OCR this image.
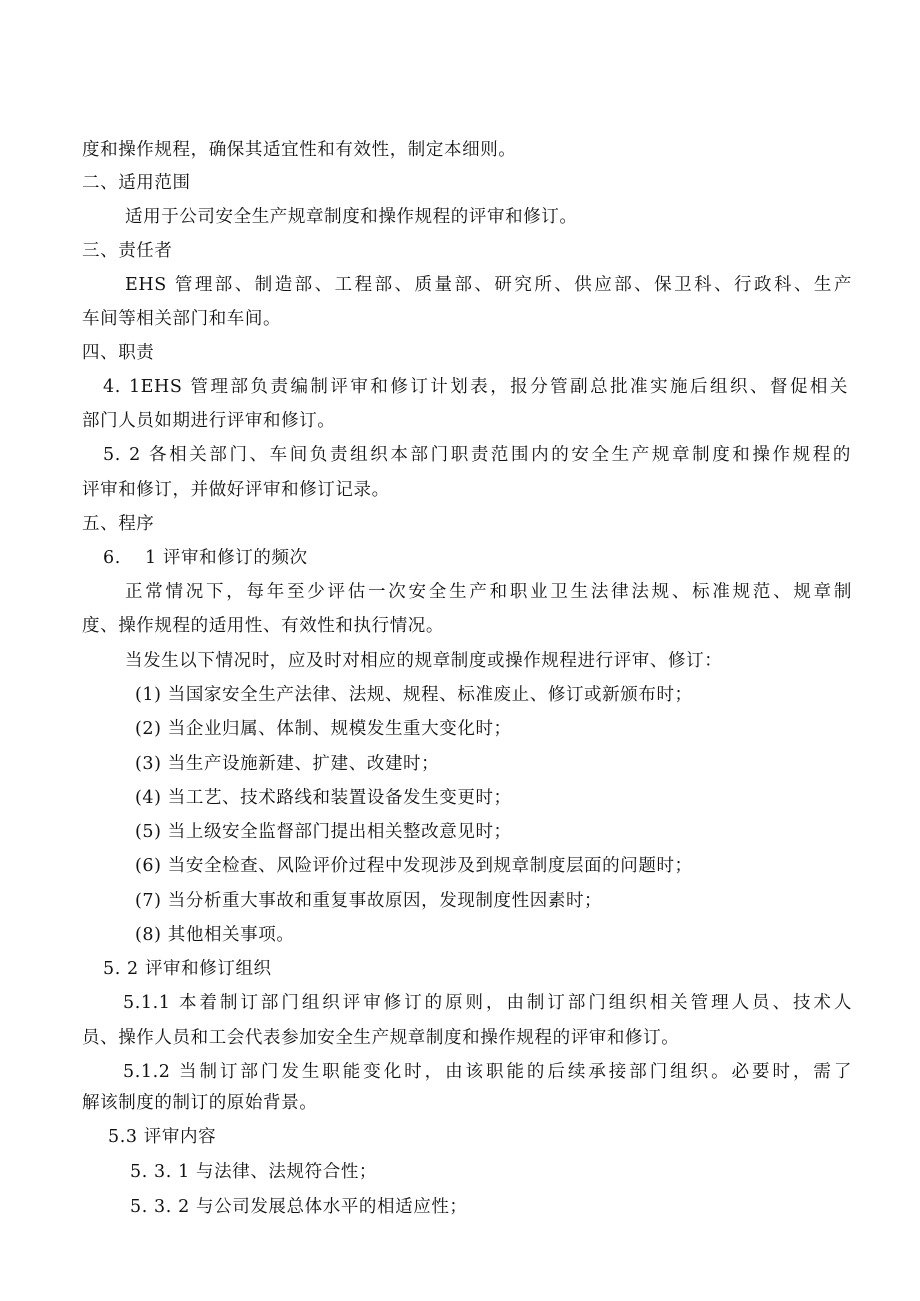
度和操作规程，确保其适宜性和有效性，制定本细则。
二、适用范围
适用于公司安全生产规章制度和操作规程的评审和修订。
三、责任者
EHS 管理部、制造部、工程部、质量部、研究所、供应部、保卫科、行政科、生产
车间等相关部门和车间。
四、职责
4. 1EHS 管理部负责编制评审和修订计划表，报分管副总批准实施后组织、督促相关
部门人员如期进行评审和修订。
5. 2 各相关部门、车间负责组织本部门职责范围内的安全生产规章制度和操作规程的
评审和修订，并做好评审和修订记录。
五、程序
6. 1 评审和修订的频次
正常情况下，每年至少评估一次安全生产和职业卫生法律法规、标准规范、规章制
度、操作规程的适用性、有效性和执行情况。
当发生以下情况时，应及时对相应的规章制度或操作规程进行评审、修订：
(1) 当国家安全生产法律、法规、规程、标准废止、修订或新颁布时；
(2) 当企业归属、体制、规模发生重大变化时；
(3) 当生产设施新建、扩建、改建时；
(4) 当工艺、技术路线和装置设备发生变更时；
(5) 当上级安全监督部门提出相关整改意见时；
(6) 当安全检查、风险评价过程中发现涉及到规章制度层面的问题时；
(7) 当分析重大事故和重复事故原因，发现制度性因素时；
(8) 其他相关事项。
5. 2 评审和修订组织
5.1.1 本着制订部门组织评审修订的原则，由制订部门组织相关管理人员、技术人
员、操作人员和工会代表参加安全生产规章制度和操作规程的评审和修订。
5.1.2 当制订部门发生职能变化时，由该职能的后续承接部门组织。必要时，需了
解该制度的制订的原始背景。
5.3 评审内容
5. 3. 1 与法律、法规符合性；
5. 3. 2 与公司发展总体水平的相适应性；
